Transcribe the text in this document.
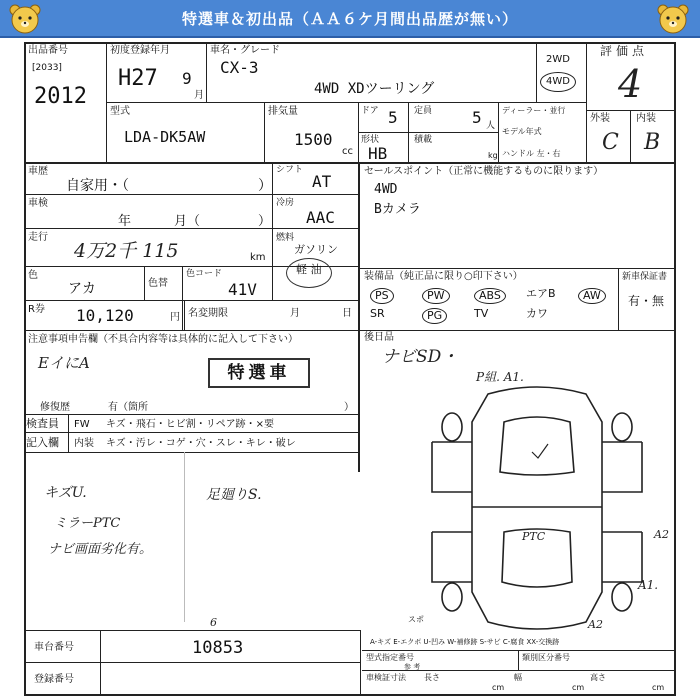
特選車＆初出品（ＡＡ６ケ月間出品歴が無い）
出品番号
[2033]
2012
初度登録年月
H27 9
月
車名・グレード
CX-3
4WD XDツーリング
2WD
4WD
評価点
4
型式
LDA-DK5AW
排気量
1500
cc
ドア 5 定員 5 人
ディーラー・並行
形状
HB
積載
kg
モデル年式
ハンドル 左・右
外装	内装
C B
車歴
自家用・（	）
シフト
AT
車検
年	月（	）
冷房
AAC
走行
4万2千 115	km
燃料
ガソリン
軽 油
色
アカ	色替
色コード
41V
R券 10,120	円 名変期限	月	日
セールスポイント（正常に機能するものに限ります）
4WD
Bカメラ
装備品（純正品に限り○印下さい）	新車保証書
有・無
PS	PW	ABS	エアB	AW
SR	PG	TV	カワ
後日品
ナビSD・
注意事項申告欄（不具合内容等は具体的に記入して下さい）
EイにA	特選車
修復歴	有（箇所	）
検査員
記入欄
FW キズ・飛石・ヒビ割・リペア跡・×要
内装 キズ・汚レ・コゲ・穴・スレ・キレ・破レ
キズU.
ミラーPTC
ナビ画面劣化有。
足廻りS.
P組. A1.
PTC	A2
A1.
A2
スポ
車台番号
6
10853
登録番号
A-キズ E-エクボ U-凹み W-補修跡 S-サビ C-腐食 XX-交換跡
型式指定番号
参 考
類別区分番号
車検証寸法 長さ
cm
幅
cm
高さ
cm
